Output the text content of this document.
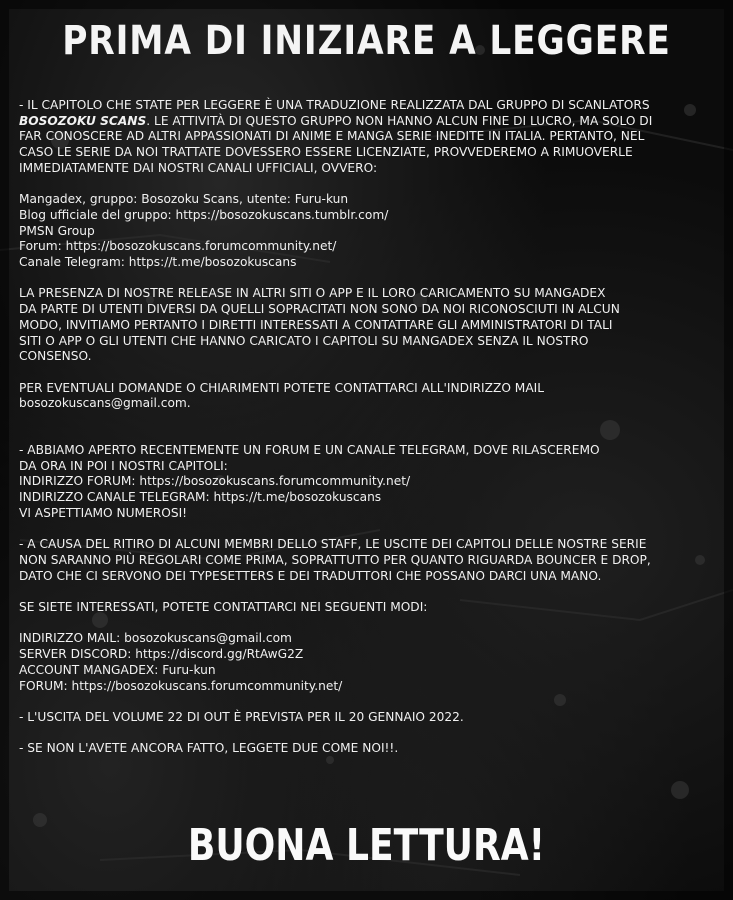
PRIMA DI INIZIARE A LEGGERE

- IL CAPITOLO CHE STATE PER LEGGERE È UNA TRADUZIONE REALIZZATA DAL GRUPPO DI SCANLATORS

BOSOZOKU SCANS. LE ATTIVITÀ DI QUESTO GRUPPO NON HANNO ALCUN FINE DI LUCRO, MA SOLO DI

FAR CONOSCERE AD ALTRI APPASSIONATI DI ANIME E MANGA SERIE INEDITE IN ITALIA. PERTANTO, NEL

CASO LE SERIE DA NOI TRATTATE DOVESSERO ESSERE LICENZIATE, PROVVEDEREMO A RIMUOVERLE

IMMEDIATAMENTE DAI NOSTRI CANALI UFFICIALI, OVVERO:

Mangadex, gruppo: Bosozoku Scans, utente: Furu-kun

Blog ufficiale del gruppo: https://bosozokuscans.tumblr.com/

PMSN Group

Forum: https://bosozokuscans.forumcommunity.net/

Canale Telegram: https://t.me/bosozokuscans

LA PRESENZA DI NOSTRE RELEASE IN ALTRI SITI O APP E IL LORO CARICAMENTO SU MANGADEX

DA PARTE DI UTENTI DIVERSI DA QUELLI SOPRACITATI NON SONO DA NOI RICONOSCIUTI IN ALCUN

MODO, INVITIAMO PERTANTO I DIRETTI INTERESSATI A CONTATTARE GLI AMMINISTRATORI DI TALI

SITI O APP O GLI UTENTI CHE HANNO CARICATO I CAPITOLI SU MANGADEX SENZA IL NOSTRO

CONSENSO.

PER EVENTUALI DOMANDE O CHIARIMENTI POTETE CONTATTARCI ALL'INDIRIZZO MAIL

bosozokuscans@gmail.com.

- ABBIAMO APERTO RECENTEMENTE UN FORUM E UN CANALE TELEGRAM, DOVE RILASCEREMO

DA ORA IN POI I NOSTRI CAPITOLI:

INDIRIZZO FORUM: https://bosozokuscans.forumcommunity.net/

INDIRIZZO CANALE TELEGRAM: https://t.me/bosozokuscans

VI ASPETTIAMO NUMEROSI!

- A CAUSA DEL RITIRO DI ALCUNI MEMBRI DELLO STAFF, LE USCITE DEI CAPITOLI DELLE NOSTRE SERIE

NON SARANNO PIÙ REGOLARI COME PRIMA, SOPRATTUTTO PER QUANTO RIGUARDA BOUNCER E DROP,

DATO CHE CI SERVONO DEI TYPESETTERS E DEI TRADUTTORI CHE POSSANO DARCI UNA MANO.

SE SIETE INTERESSATI, POTETE CONTATTARCI NEI SEGUENTI MODI:

INDIRIZZO MAIL: bosozokuscans@gmail.com

SERVER DISCORD: https://discord.gg/RtAwG2Z

ACCOUNT MANGADEX: Furu-kun

FORUM: https://bosozokuscans.forumcommunity.net/

- L'USCITA DEL VOLUME 22 DI OUT È PREVISTA PER IL 20 GENNAIO 2022.

- SE NON L'AVETE ANCORA FATTO, LEGGETE DUE COME NOI!!.

BUONA LETTURA!
